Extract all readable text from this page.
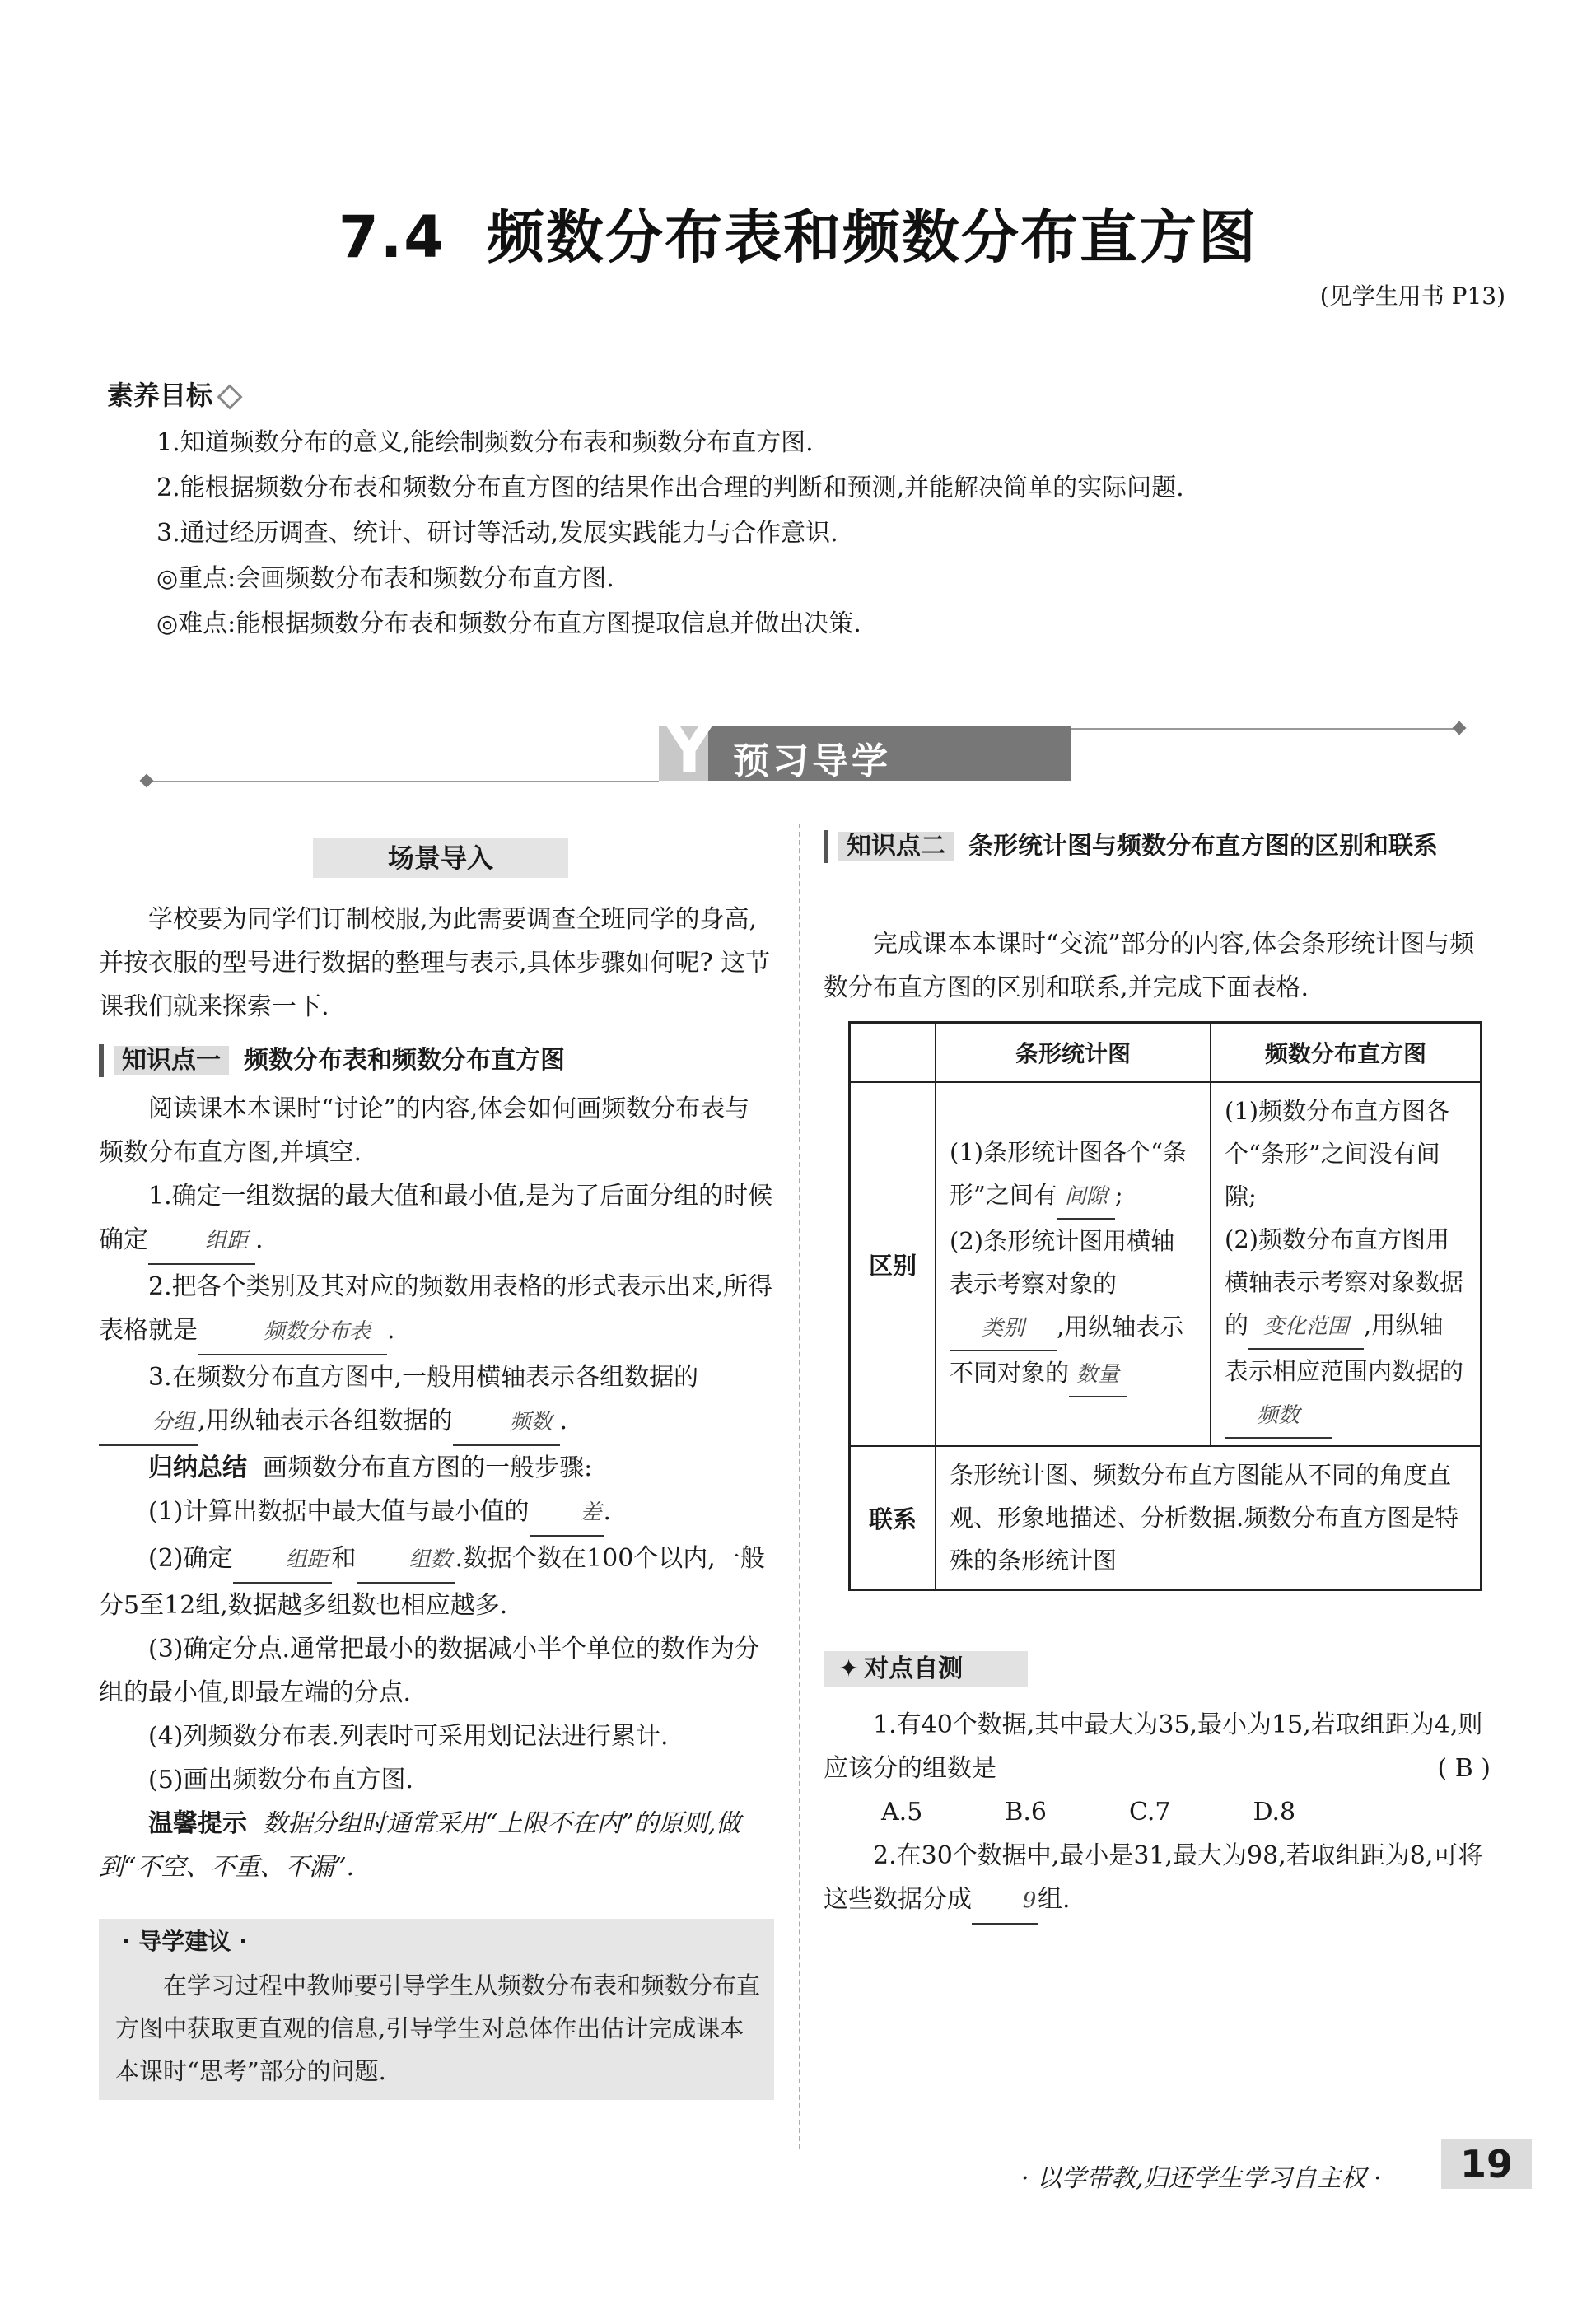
7.4 频数分布表和频数分布直方图
(见学生用书 P13)
素养目标
1.知道频数分布的意义,能绘制频数分布表和频数分布直方图.
2.能根据频数分布表和频数分布直方图的结果作出合理的判断和预测,并能解决简单的实际问题.
3.通过经历调查、统计、研讨等活动,发展实践能力与合作意识.
◎重点:会画频数分布表和频数分布直方图.
◎难点:能根据频数分布表和频数分布直方图提取信息并做出决策.
Y 预习导学
场景导入

学校要为同学们订制校服,为此需要调查全班同学的身高,并按衣服的型号进行数据的整理与表示,具体步骤如何呢? 这节课我们就来探索一下.

知识点一 频数分布表和频数分布直方图

阅读课本本课时“讨论”的内容,体会如何画频数分布表与频数分布直方图,并填空.

1.确定一组数据的最大值和最小值,是为了后面分组的时候确定	组距 .

2.把各个类别及其对应的频数用表格的形式表示出来,所得表格就是	频数分布表 .

3.在频数分布直方图中,一般用横轴表示各组数据的分组 ,用纵轴表示各组数据的	频数 .

归纳总结 画频数分布直方图的一般步骤:

(1)计算出数据中最大值与最小值的 差.

(2)确定 组距 和 组数 .数据个数在100个以内,一般分5至12组,数据越多组数也相应越多.

(3)确定分点.通常把最小的数据减小半个单位的数作为分组的最小值,即最左端的分点.

(4)列频数分布表.列表时可采用划记法进行累计.

(5)画出频数分布直方图.

温馨提示 数据分组时通常采用“上限不在内”的原则,做到“不空、不重、不漏”.

· 导学建议 ·
在学习过程中教师要引导学生从频数分布表和频数分布直方图中获取更直观的信息,引导学生对总体作出估计完成课本本课时“思考”部分的问题.
知识点二 条形统计图与频数分布直方图的区别和联系

完成课本本课时“交流”部分的内容,体会条形统计图与频数分布直方图的区别和联系,并完成下面表格.

	条形统计图	频数分布直方图
区别	(1)条形统计图各个“条形”之间有 间隙 ;
(2)条形统计图用横轴表示考察对象的类别 ,用纵轴表示不同对象的 数量	(1)频数分布直方图各个“条形”之间没有间隙;
(2)频数分布直方图用横轴表示考察对象数据的 变化范围 ,用纵轴表示相应范围内数据的频数
联系	条形统计图、频数分布直方图能从不同的角度直观、形象地描述、分析数据.频数分布直方图是特殊的条形统计图	
✦ 对点自测

1.有40个数据,其中最大为35,最小为15,若取组距为4,则应该分的组数是	( B )

A.5	B.6	C.7	D.8

2.在30个数据中,最小是31,最大为98,若取组距为8,可将这些数据分成 9组.

· 以学带教,归还学生学习自主权 ·	19
